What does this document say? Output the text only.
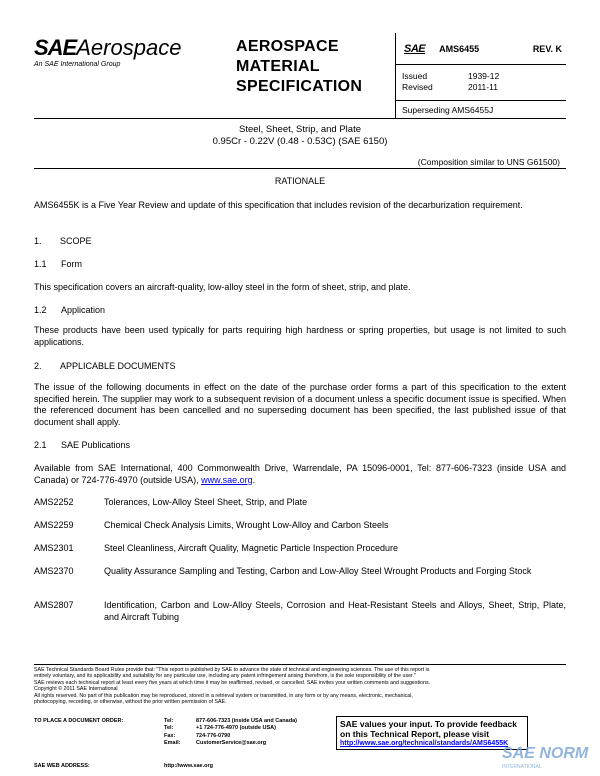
SAEAerospace
An SAE International Group
AEROSPACE
MATERIAL
SPECIFICATION
SAE AMS6455	REV. K
Issued	1939-12
Revised	2011-11
Superseding AMS6455J
Steel, Sheet, Strip, and Plate
0.95Cr - 0.22V (0.48 - 0.53C) (SAE 6150)
(Composition similar to UNS G61500)
RATIONALE
AMS6455K is a Five Year Review and update of this specification that includes revision of the decarburization requirement.
1. SCOPE
1.1 Form
This specification covers an aircraft-quality, low-alloy steel in the form of sheet, strip, and plate.
1.2 Application
These products have been used typically for parts requiring high hardness or spring properties, but usage is not limited to such applications.
2. APPLICABLE DOCUMENTS
The issue of the following documents in effect on the date of the purchase order forms a part of this specification to the extent specified herein. The supplier may work to a subsequent revision of a document unless a specific document issue is specified. When the referenced document has been cancelled and no superseding document has been specified, the last published issue of that document shall apply.
2.1 SAE Publications
Available from SAE International, 400 Commonwealth Drive, Warrendale, PA 15096-0001, Tel: 877-606-7323 (inside USA and Canada) or 724-776-4970 (outside USA), www.sae.org.
AMS2252	Tolerances, Low-Alloy Steel Sheet, Strip, and Plate
AMS2259	Chemical Check Analysis Limits, Wrought Low-Alloy and Carbon Steels
AMS2301	Steel Cleanliness, Aircraft Quality, Magnetic Particle Inspection Procedure
AMS2370	Quality Assurance Sampling and Testing, Carbon and Low-Alloy Steel Wrought Products and Forging Stock
AMS2807	Identification, Carbon and Low-Alloy Steels, Corrosion and Heat-Resistant Steels and Alloys, Sheet, Strip, Plate, and Aircraft Tubing
SAE Technical Standards Board Rules provide that: "This report is published by SAE to advance the state of technical and engineering sciences. The use of this report is
entirely voluntary, and its applicability and suitability for any particular use, including any patent infringement arising therefrom, is the sole responsibility of the user."
SAE reviews each technical report at least every five years at which time it may be reaffirmed, revised, or cancelled. SAE invites your written comments and suggestions.
Copyright © 2011 SAE International
All rights reserved. No part of this publication may be reproduced, stored in a retrieval system or transmitted, in any form or by any means, electronic, mechanical,
photocopying, recording, or otherwise, without the prior written permission of SAE.
TO PLACE A DOCUMENT ORDER:	Tel:	877-606-7323 (inside USA and Canada)
Tel:	+1 724-776-4970 (outside USA)
Fax:	724-776-0790
Email:	CustomerService@sae.org
SAE WEB ADDRESS:	http://www.sae.org
SAE values your input. To provide feedback
on this Technical Report, please visit
http://www.sae.org/technical/standards/AMS6455K
SAE NORM
INTERNATIONAL
